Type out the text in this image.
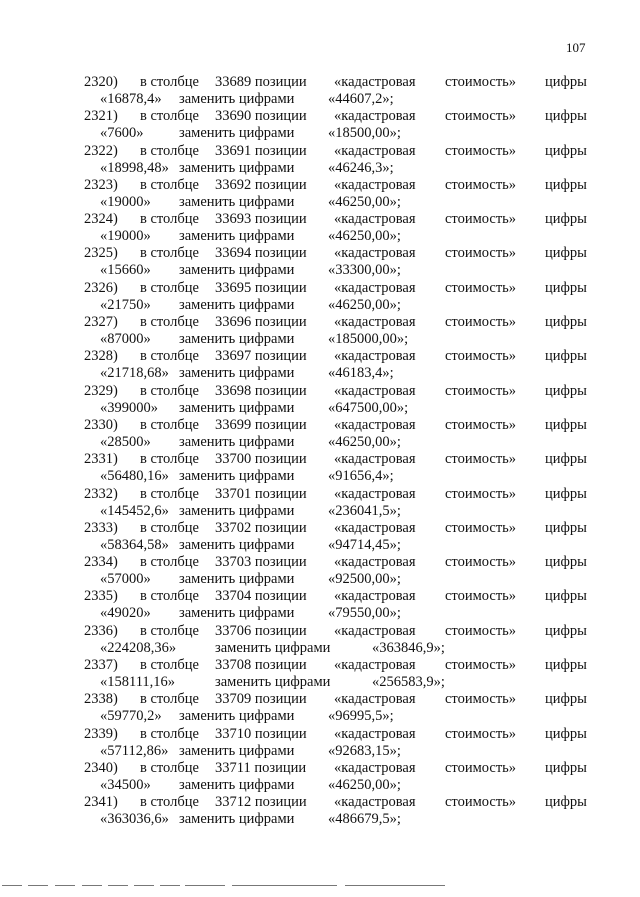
107
2320) в столбце 33689 позиции «кадастровая стоимость» цифры
«16878,4» заменить цифрами «44607,2»;
2321) в столбце 33690 позиции «кадастровая стоимость» цифры
«7600» заменить цифрами «18500,00»;
2322) в столбце 33691 позиции «кадастровая стоимость» цифры
«18998,48» заменить цифрами «46246,3»;
2323) в столбце 33692 позиции «кадастровая стоимость» цифры
«19000» заменить цифрами «46250,00»;
2324) в столбце 33693 позиции «кадастровая стоимость» цифры
«19000» заменить цифрами «46250,00»;
2325) в столбце 33694 позиции «кадастровая стоимость» цифры
«15660» заменить цифрами «33300,00»;
2326) в столбце 33695 позиции «кадастровая стоимость» цифры
«21750» заменить цифрами «46250,00»;
2327) в столбце 33696 позиции «кадастровая стоимость» цифры
«87000» заменить цифрами «185000,00»;
2328) в столбце 33697 позиции «кадастровая стоимость» цифры
«21718,68» заменить цифрами «46183,4»;
2329) в столбце 33698 позиции «кадастровая стоимость» цифры
«399000» заменить цифрами «647500,00»;
2330) в столбце 33699 позиции «кадастровая стоимость» цифры
«28500» заменить цифрами «46250,00»;
2331) в столбце 33700 позиции «кадастровая стоимость» цифры
«56480,16» заменить цифрами «91656,4»;
2332) в столбце 33701 позиции «кадастровая стоимость» цифры
«145452,6» заменить цифрами «236041,5»;
2333) в столбце 33702 позиции «кадастровая стоимость» цифры
«58364,58» заменить цифрами «94714,45»;
2334) в столбце 33703 позиции «кадастровая стоимость» цифры
«57000» заменить цифрами «92500,00»;
2335) в столбце 33704 позиции «кадастровая стоимость» цифры
«49020» заменить цифрами «79550,00»;
2336) в столбце 33706 позиции «кадастровая стоимость» цифры
«224208,36»	заменить цифрами	«363846,9»;
2337) в столбце 33708 позиции «кадастровая стоимость» цифры
«158111,16»	заменить цифрами	«256583,9»;
2338) в столбце 33709 позиции «кадастровая стоимость» цифры
«59770,2» заменить цифрами «96995,5»;
2339) в столбце 33710 позиции «кадастровая стоимость» цифры
«57112,86» заменить цифрами «92683,15»;
2340) в столбце 33711 позиции «кадастровая стоимость» цифры
«34500» заменить цифрами «46250,00»;
2341) в столбце 33712 позиции «кадастровая стоимость» цифры
«363036,6» заменить цифрами «486679,5»;
